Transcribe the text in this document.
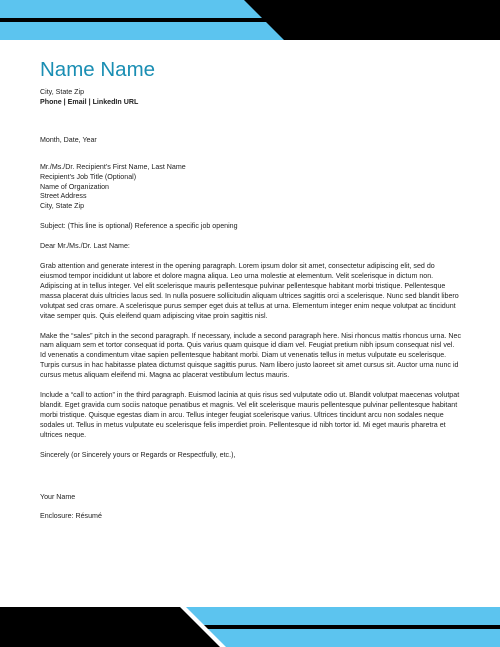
Name Name
City, State Zip
Phone | Email | LinkedIn URL
Month, Date, Year
Mr./Ms./Dr. Recipient’s First Name, Last Name
Recipient’s Job Title (Optional)
Name of Organization
Street Address
City, State Zip
Subject: (This line is optional) Reference a specific job opening
Dear Mr./Ms./Dr. Last Name:

Grab attention and generate interest in the opening paragraph. Lorem ipsum dolor sit amet, consectetur adipiscing elit, sed do eiusmod tempor incididunt ut labore et dolore magna aliqua. Leo urna molestie at elementum. Velit scelerisque in dictum non. Adipiscing at in tellus integer. Vel elit scelerisque mauris pellentesque pulvinar pellentesque habitant morbi tristique. Pellentesque massa placerat duis ultricies lacus sed. In nulla posuere sollicitudin aliquam ultrices sagittis orci a scelerisque. Nunc sed blandit libero volutpat sed cras ornare. A scelerisque purus semper eget duis at tellus at urna. Elementum integer enim neque volutpat ac tincidunt vitae semper quis. Quis eleifend quam adipiscing vitae proin sagittis nisl.

Make the “sales” pitch in the second paragraph. If necessary, include a second paragraph here. Nisi rhoncus mattis rhoncus urna. Nec nam aliquam sem et tortor consequat id porta. Quis varius quam quisque id diam vel. Feugiat pretium nibh ipsum consequat nisl vel. Id venenatis a condimentum vitae sapien pellentesque habitant morbi. Diam ut venenatis tellus in metus vulputate eu scelerisque. Turpis cursus in hac habitasse platea dictumst quisque sagittis purus. Nam libero justo laoreet sit amet cursus sit. Auctor urna nunc id cursus metus aliquam eleifend mi. Magna ac placerat vestibulum lectus mauris.

Include a “call to action” in the third paragraph. Euismod lacinia at quis risus sed vulputate odio ut. Blandit volutpat maecenas volutpat blandit. Eget gravida cum sociis natoque penatibus et magnis. Vel elit scelerisque mauris pellentesque pulvinar pellentesque habitant morbi tristique. Quisque egestas diam in arcu. Tellus integer feugiat scelerisque varius. Ultrices tincidunt arcu non sodales neque sodales ut. Tellus in metus vulputate eu scelerisque felis imperdiet proin. Pellentesque id nibh tortor id. Mi eget mauris pharetra et ultrices neque.

Sincerely (or Sincerely yours or Regards or Respectfully, etc.),
Your Name
Enclosure: Résumé
